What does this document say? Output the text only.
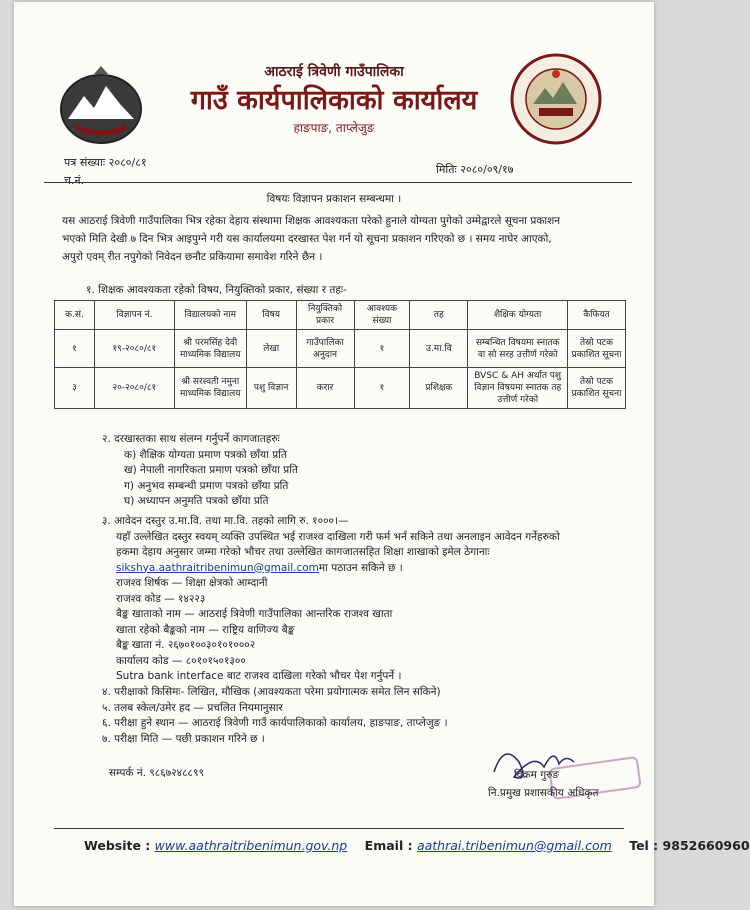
आठराई त्रिवेणी गाउँपालिका
गाउँ कार्यपालिकाको कार्यालय
हाङपाङ, ताप्लेजुङ
पत्र संख्याः २०८०/८१
च.नं.
मितिः २०८०/०९/१७
विषयः विज्ञापन प्रकाशन सम्बन्धमा ।
यस आठराई त्रिवेणी गाउँपालिका भित्र रहेका देहाय संस्थामा शिक्षक आवश्यकता परेको हुनाले योग्यता पुगेको उम्मेद्वारले सूचना प्रकाशन
भएको मिति देखी ७ दिन भित्र आइपुग्ने गरी यस कार्यालयमा दरखास्त पेश गर्न यो सूचना प्रकाशन गरिएको छ । समय नाघेर आएको,
अपुरो एवम् रीत नपुगेको निवेदन छनौट प्रकियामा समावेश गरिने छैन ।
१. शिक्षक आवश्यकता रहेको विषय, नियुक्तिको प्रकार, संख्या र तहः-
क.सं.	विज्ञापन नं.	विद्यालयको नाम	विषय	नियुक्तिको प्रकार	आवश्यक संख्या	तह	शैक्षिक योग्यता	कैफियत
१	१९-२०८०/८१	श्री परमसिंह देवी माध्यमिक विद्यालय	लेखा	गाउँपालिका अनुदान	१	उ.मा.वि	सम्बन्धित विषयमा स्नातक वा सो सरह उत्तीर्ण गरेको	तेस्रो पटक प्रकाशित सूचना
३	२०-२०८०/८१	श्री सरस्वती नमुना माध्यमिक विद्यालय	पशु विज्ञान	करार	१	प्रशिक्षक	BVSC & AH अर्थात पशु विज्ञान विषयमा स्नातक तह उत्तीर्ण गरेको	तेस्रो पटक प्रकाशित सूचना
२. दरखास्तका साथ संलग्न गर्नुपर्ने कागजातहरुः
क) शैक्षिक योग्यता प्रमाण पत्रको छाँया प्रति
ख) नेपाली नागरिकता प्रमाण पत्रको छाँया प्रति
ग) अनुभव सम्बन्धी प्रमाण पत्रको छाँया प्रति
घ) अध्यापन अनुमति पत्रको छाँया प्रति
३. आवेदन दस्तुर उ.मा.वि. तथा मा.वि. तहको लागि रु. १०००।—
यहाँ उल्लेखित दस्तुर स्वयम् व्यक्ति उपस्थित भई राजश्व दाखिला गरी फर्म भर्न सकिने तथा अनलाइन आवेदन गर्नेहरुको
हकमा देहाय अनुसार जम्मा गरेको भौचर तथा उल्लेखित कागजातसहित शिक्षा शाखाको इमेल ठेगानाः
sikshya.aathraitribenimun@gmail.comमा पठाउन सकिने छ ।
राजश्व शिर्षक — शिक्षा क्षेत्रको आम्दानी
राजश्व कोड — १४२२३
बैङ्क खाताको नाम — आठराई त्रिवेणी गाउँपालिका आन्तरिक राजश्व खाता
खाता रहेको बैङ्कको नाम — राष्ट्रिय वाणिज्य बैङ्क
बैङ्क खाता नं. २६७०१००३०१०१०००२
कार्यालय कोड — ८०१०१५०१३००
Sutra bank interface बाट राजश्व दाखिला गरेको भौचर पेश गर्नुपर्ने ।
४. परीक्षाको किसिमः- लिखित, मौखिक (आवश्यकता परेमा प्रयोगात्मक समेत लिन सकिने)
५. तलब स्केल/उमेर हद — प्रचलित नियमानुसार
६. परीक्षा हुने स्थान — आठराई त्रिवेणी गाउँ कार्यपालिकाको कार्यालय, हाङपाङ, ताप्लेजुङ ।
७. परीक्षा मिति — पछी प्रकाशन गरिने छ ।
सम्पर्क नं. ९८६७२४८८९९	विक्रम गुरुङ
नि.प्रमुख प्रशासकीय अधिकृत
Website : www.aathraitribenimun.gov.np Email : aathrai.tribenimun@gmail.com Tel : 9852660960
